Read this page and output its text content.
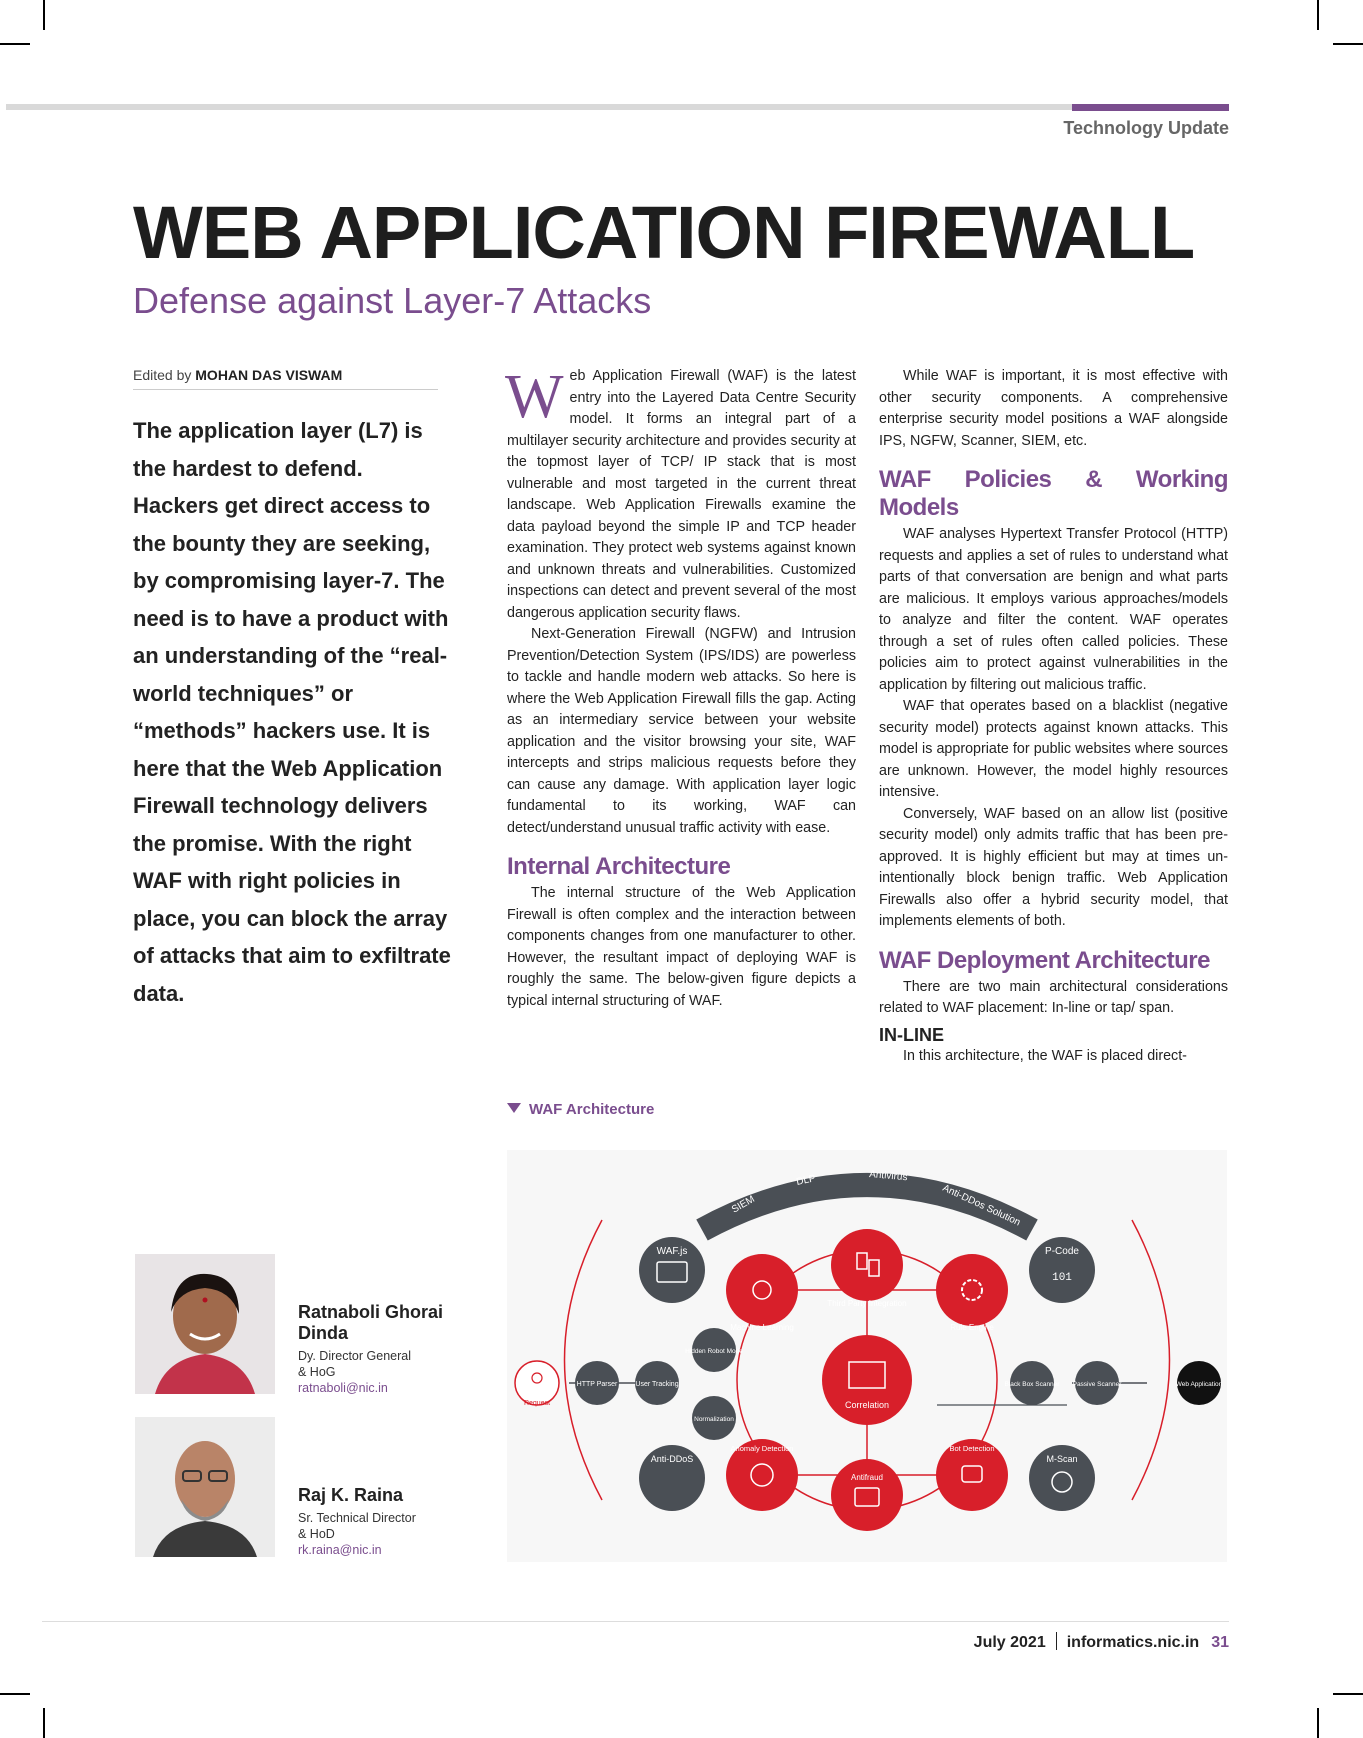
Technology Update
WEB APPLICATION FIREWALL
Defense against Layer-7 Attacks
Edited by MOHAN DAS VISWAM
The application layer (L7) is the hardest to defend. Hackers get direct access to the bounty they are seeking, by compromising layer-7. The need is to have a product with an understanding of the “real-world techniques” or “methods” hackers use. It is here that the Web Application Firewall technology delivers the promise. With the right WAF with right policies in place, you can block the array of attacks that aim to exfiltrate data.

Web Application Firewall (WAF) is the latest entry into the Layered Data Centre Security model. It forms an integral part of a multilayer security architecture and provides security at the topmost layer of TCP/ IP stack that is most vulnerable and most targeted in the current threat landscape. Web Application Firewalls examine the data payload beyond the simple IP and TCP header examination. They protect web systems against known and unknown threats and vulnerabilities. Customized inspections can detect and prevent several of the most dangerous application security flaws.

Next-Generation Firewall (NGFW) and Intrusion Prevention/Detection System (IPS/IDS) are powerless to tackle and handle modern web attacks. So here is where the Web Application Firewall fills the gap. Acting as an intermediary service between your website application and the visitor browsing your site, WAF intercepts and strips malicious requests before they can cause any damage. With application layer logic fundamental to its working, WAF can detect/understand unusual traffic activity with ease.

Internal Architecture

The internal structure of the Web Application Firewall is often complex and the interaction between components changes from one manufacturer to other. However, the resultant impact of deploying WAF is roughly the same. The below-given figure depicts a typical internal structuring of WAF.

While WAF is important, it is most effective with other security components. A comprehensive enterprise security model positions a WAF alongside IPS, NGFW, Scanner, SIEM, etc.

WAF Policies & Working Models

WAF analyses Hypertext Transfer Protocol (HTTP) requests and applies a set of rules to understand what parts of that conversation are benign and what parts are malicious. It employs various approaches/models to analyze and filter the content. WAF operates through a set of rules often called policies. These policies aim to protect against vulnerabilities in the application by filtering out malicious traffic.

WAF that operates based on a blacklist (negative security model) protects against known attacks. This model is appropriate for public websites where sources are unknown. However, the model highly resources intensive.

Conversely, WAF based on an allow list (positive security model) only admits traffic that has been pre-approved. It is highly efficient but may at times un-intentionally block benign traffic. Web Application Firewalls also offer a hybrid security model, that implements elements of both.

WAF Deployment Architecture

There are two main architectural considerations related to WAF placement: In-line or tap/ span.

IN-LINE

In this architecture, the WAF is placed direct-

WAF Architecture
SIEM
DLP	Antivirus
Anti-DDos Solution
WAF.js
Machine Learning
Third Party Integration
Rule Engine
P-Code
101
Request
HTTP Parser	User Tracking
Hidden Robot Mode
Normalization
Correlation
Black Box Scanner Passive Scanner	Web Application
Anti-DDoS
Anomaly Detection
Antifraud
Bot Detection
M-Scan
Ratnaboli Ghorai Dinda
Dy. Director General
& HoG
ratnaboli@nic.in
Raj K. Raina
Sr. Technical Director
& HoD
rk.raina@nic.in
July 2021 informatics.nic.in 31
